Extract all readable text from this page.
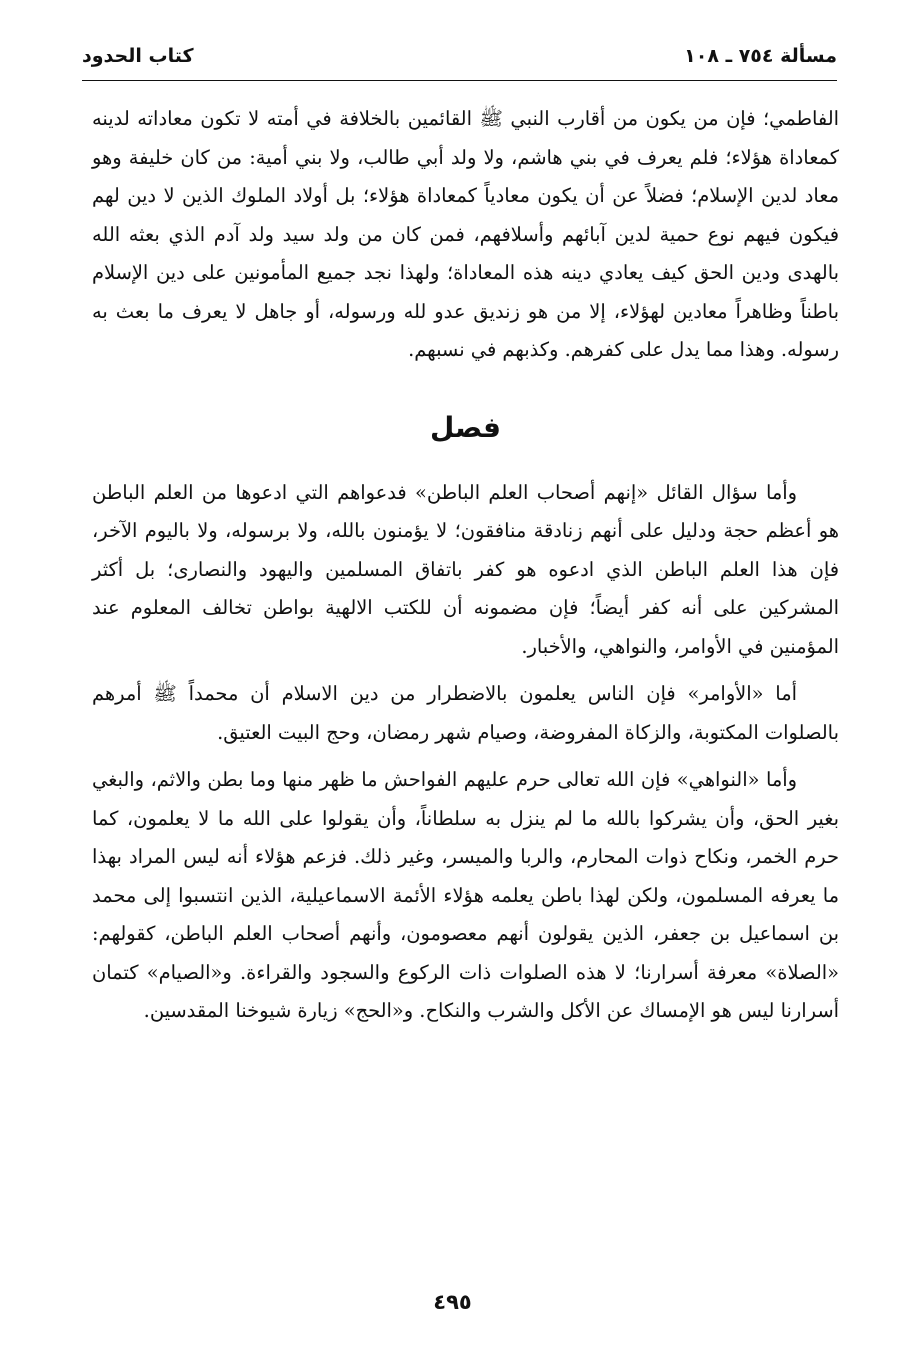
مسألة ٧٥٤ ـ ١٠٨
كتاب الحدود

الفاطمي؛ فإن من يكون من أقارب النبي ﷺ القائمين بالخلافة في أمته لا تكون معاداته لدينه كمعاداة هؤلاء؛ فلم يعرف في بني هاشم، ولا ولد أبي طالب، ولا بني أمية: من كان خليفة وهو معاد لدين الإسلام؛ فضلاً عن أن يكون معادياً كمعاداة هؤلاء؛ بل أولاد الملوك الذين لا دين لهم فيكون فيهم نوع حمية لدين آبائهم وأسلافهم، فمن كان من ولد سيد ولد آدم الذي بعثه الله بالهدى ودين الحق كيف يعادي دينه هذه المعاداة؛ ولهذا نجد جميع المأمونين على دين الإسلام باطناً وظاهراً معادين لهؤلاء، إلا من هو زنديق عدو لله ورسوله، أو جاهل لا يعرف ما بعث به رسوله. وهذا مما يدل على كفرهم. وكذبهم في نسبهم.

فصل

وأما سؤال القائل «إنهم أصحاب العلم الباطن» فدعواهم التي ادعوها من العلم الباطن هو أعظم حجة ودليل على أنهم زنادقة منافقون؛ لا يؤمنون بالله، ولا برسوله، ولا باليوم الآخر، فإن هذا العلم الباطن الذي ادعوه هو كفر باتفاق المسلمين واليهود والنصارى؛ بل أكثر المشركين على أنه كفر أيضاً؛ فإن مضمونه أن للكتب الالهية بواطن تخالف المعلوم عند المؤمنين في الأوامر، والنواهي، والأخبار.

أما «الأوامر» فإن الناس يعلمون بالاضطرار من دين الاسلام أن محمداً ﷺ أمرهم بالصلوات المكتوبة، والزكاة المفروضة، وصيام شهر رمضان، وحج البيت العتيق.

وأما «النواهي» فإن الله تعالى حرم عليهم الفواحش ما ظهر منها وما بطن والاثم، والبغي بغير الحق، وأن يشركوا بالله ما لم ينزل به سلطاناً، وأن يقولوا على الله ما لا يعلمون، كما حرم الخمر، ونكاح ذوات المحارم، والربا والميسر، وغير ذلك. فزعم هؤلاء أنه ليس المراد بهذا ما يعرفه المسلمون، ولكن لهذا باطن يعلمه هؤلاء الأئمة الاسماعيلية، الذين انتسبوا إلى محمد بن اسماعيل بن جعفر، الذين يقولون أنهم معصومون، وأنهم أصحاب العلم الباطن، كقولهم: «الصلاة» معرفة أسرارنا؛ لا هذه الصلوات ذات الركوع والسجود والقراءة. و«الصيام» كتمان أسرارنا ليس هو الإمساك عن الأكل والشرب والنكاح. و«الحج» زيارة شيوخنا المقدسين.

٤٩٥
